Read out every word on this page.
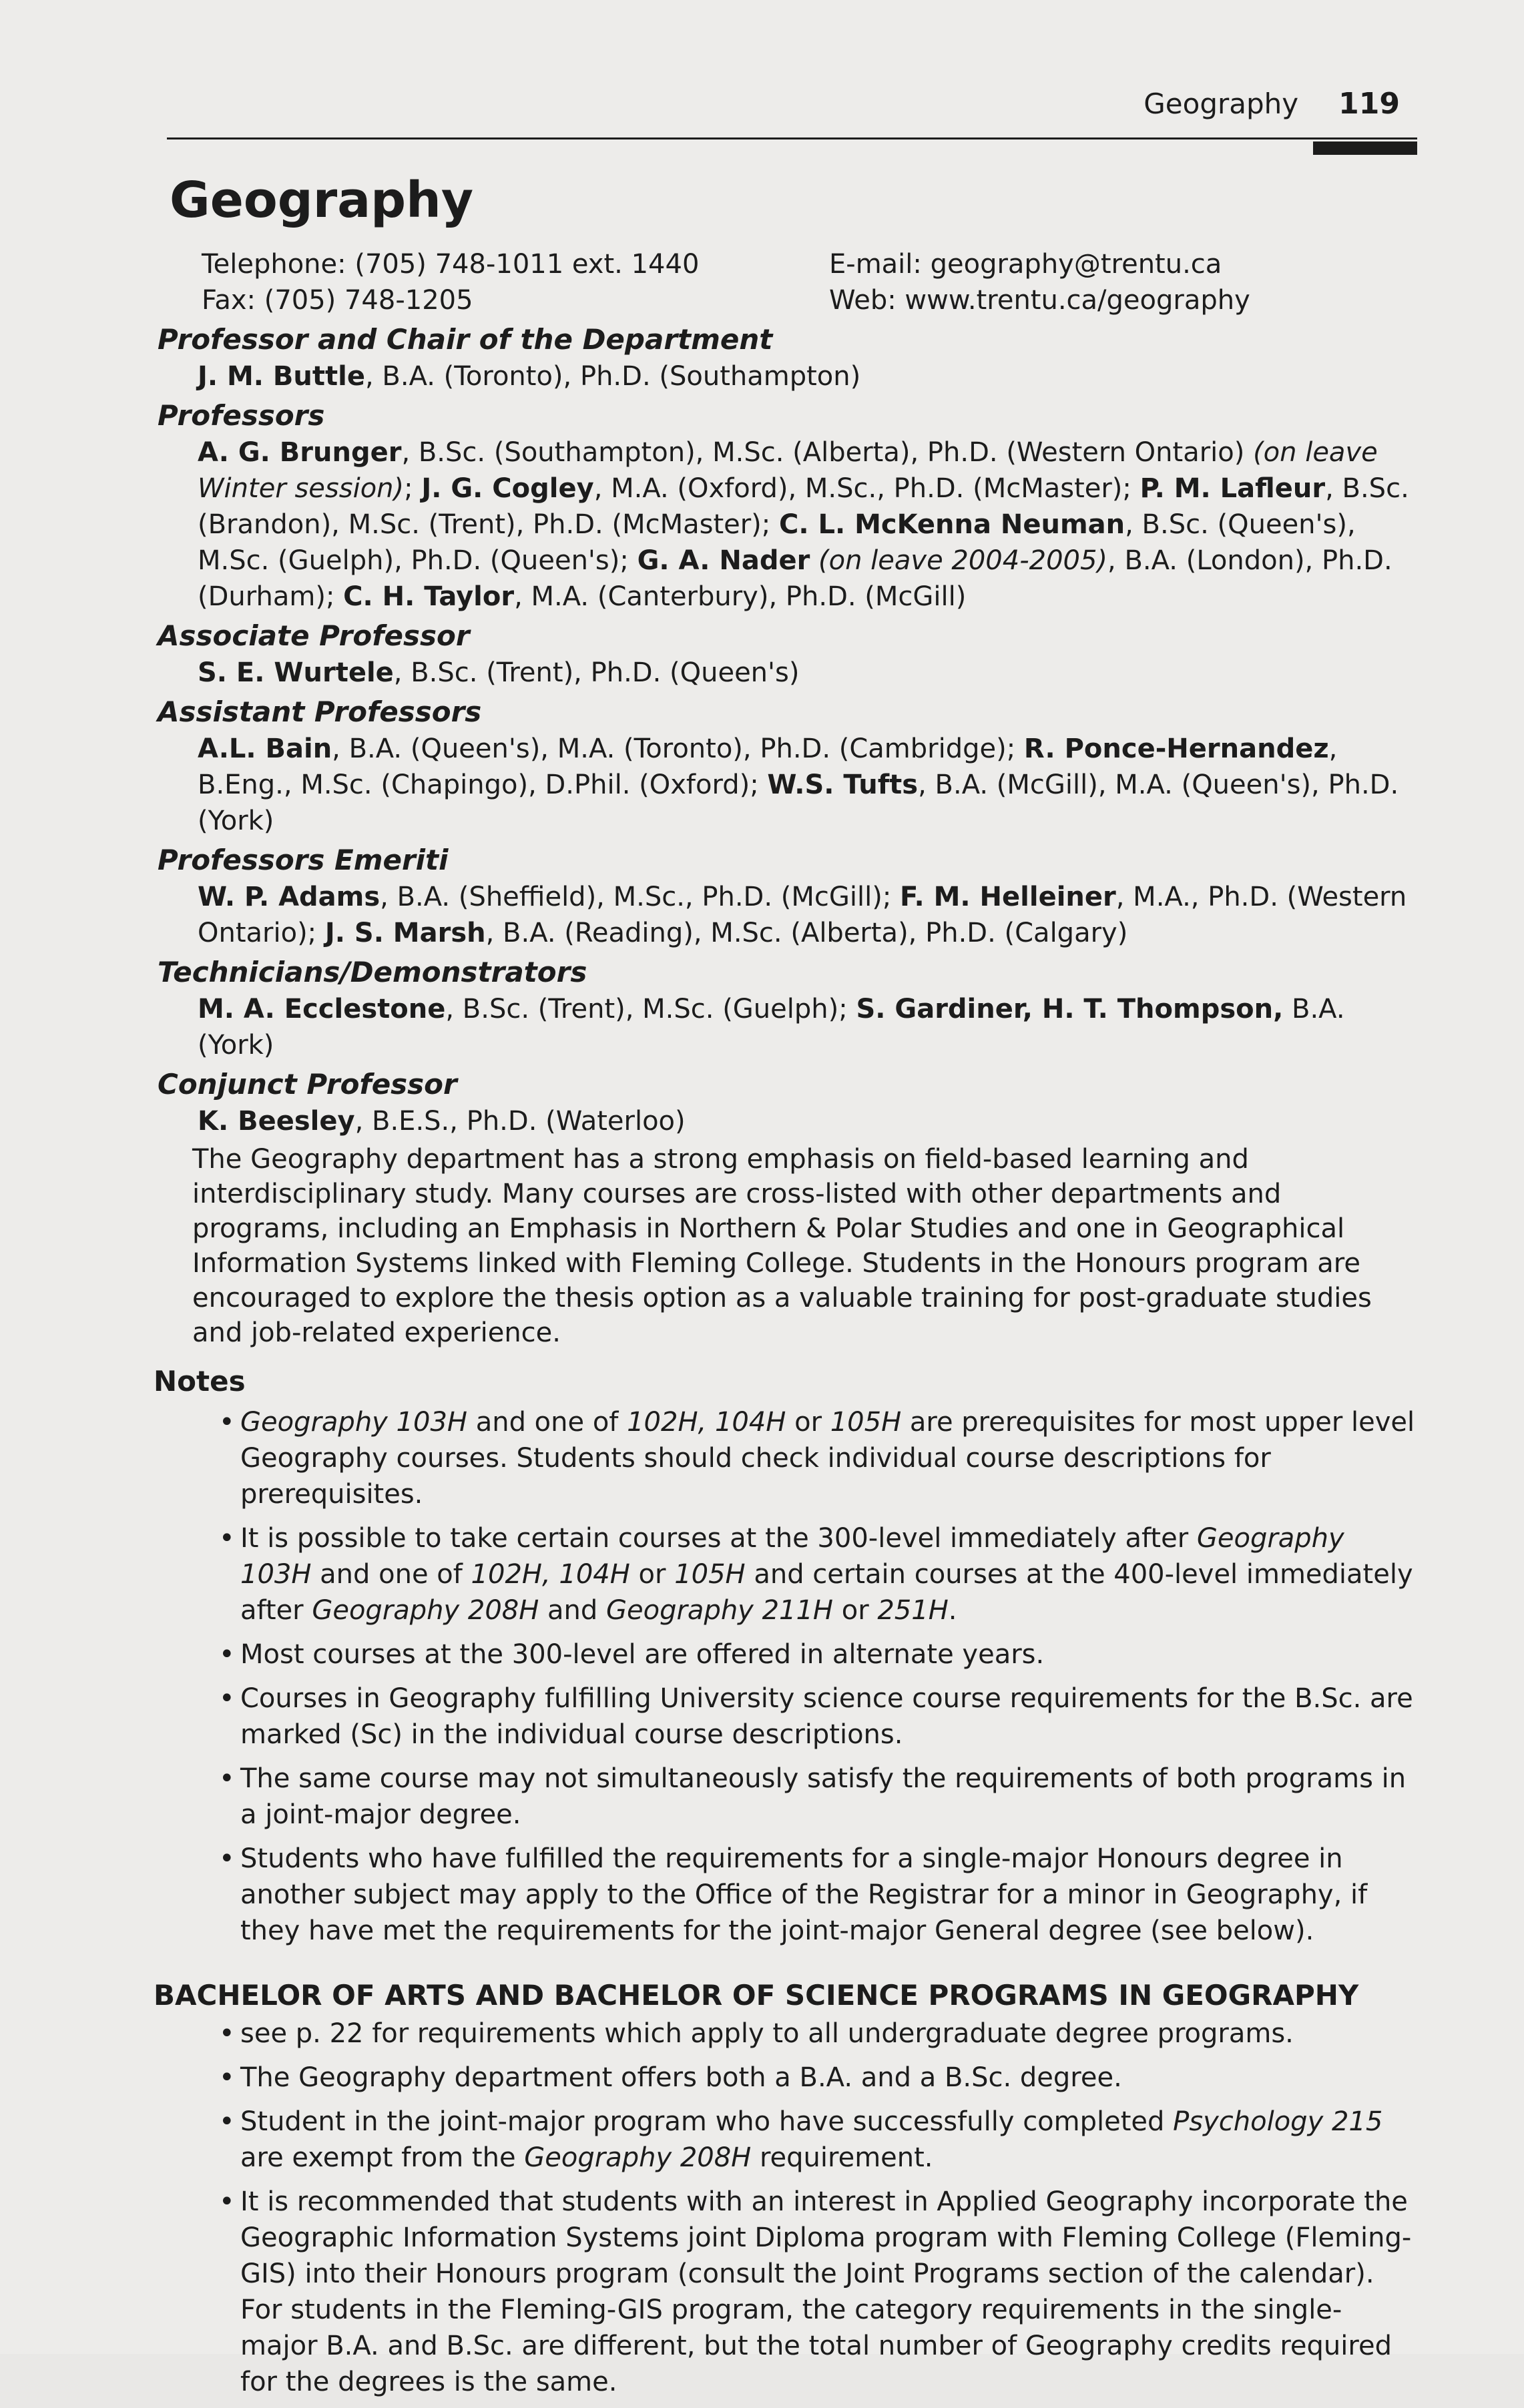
Geography 119
Geography
Telephone: (705) 748-1011 ext. 1440	E-mail: geography@trentu.ca
Fax: (705) 748-1205	Web: www.trentu.ca/geography
Professor and Chair of the Department
J. M. Buttle, B.A. (Toronto), Ph.D. (Southampton)
Professors
A. G. Brunger, B.Sc. (Southampton), M.Sc. (Alberta), Ph.D. (Western Ontario) (on leave Winter session); J. G. Cogley, M.A. (Oxford), M.Sc., Ph.D. (McMaster); P. M. Lafleur, B.Sc. (Brandon), M.Sc. (Trent), Ph.D. (McMaster); C. L. McKenna Neuman, B.Sc. (Queen's), M.Sc. (Guelph), Ph.D. (Queen's); G. A. Nader (on leave 2004-2005), B.A. (London), Ph.D. (Durham); C. H. Taylor, M.A. (Canterbury), Ph.D. (McGill)
Associate Professor
S. E. Wurtele, B.Sc. (Trent), Ph.D. (Queen's)
Assistant Professors
A.L. Bain, B.A. (Queen's), M.A. (Toronto), Ph.D. (Cambridge); R. Ponce-Hernandez, B.Eng., M.Sc. (Chapingo), D.Phil. (Oxford); W.S. Tufts, B.A. (McGill), M.A. (Queen's), Ph.D. (York)
Professors Emeriti
W. P. Adams, B.A. (Sheffield), M.Sc., Ph.D. (McGill); F. M. Helleiner, M.A., Ph.D. (Western Ontario); J. S. Marsh, B.A. (Reading), M.Sc. (Alberta), Ph.D. (Calgary)
Technicians/Demonstrators
M. A. Ecclestone, B.Sc. (Trent), M.Sc. (Guelph); S. Gardiner, H. T. Thompson, B.A. (York)
Conjunct Professor
K. Beesley, B.E.S., Ph.D. (Waterloo)

The Geography department has a strong emphasis on field-based learning and interdisciplinary study. Many courses are cross-listed with other departments and programs, including an Emphasis in Northern & Polar Studies and one in Geographical Information Systems linked with Fleming College. Students in the Honours program are encouraged to explore the thesis option as a valuable training for post-graduate studies and job-related experience.

Notes
• Geography 103H and one of 102H, 104H or 105H are prerequisites for most upper level Geography courses. Students should check individual course descriptions for prerequisites.
• It is possible to take certain courses at the 300-level immediately after Geography 103H and one of 102H, 104H or 105H and certain courses at the 400-level immediately after Geography 208H and Geography 211H or 251H.
• Most courses at the 300-level are offered in alternate years.
• Courses in Geography fulfilling University science course requirements for the B.Sc. are marked (Sc) in the individual course descriptions.
• The same course may not simultaneously satisfy the requirements of both programs in a joint-major degree.
• Students who have fulfilled the requirements for a single-major Honours degree in another subject may apply to the Office of the Registrar for a minor in Geography, if they have met the requirements for the joint-major General degree (see below).
BACHELOR OF ARTS AND BACHELOR OF SCIENCE PROGRAMS IN GEOGRAPHY
• see p. 22 for requirements which apply to all undergraduate degree programs.
• The Geography department offers both a B.A. and a B.Sc. degree.
• Student in the joint-major program who have successfully completed Psychology 215 are exempt from the Geography 208H requirement.
• It is recommended that students with an interest in Applied Geography incorporate the Geographic Information Systems joint Diploma program with Fleming College (Fleming-GIS) into their Honours program (consult the Joint Programs section of the calendar). For students in the Fleming-GIS program, the category requirements in the single-major B.A. and B.Sc. are different, but the total number of Geography credits required for the degrees is the same.
